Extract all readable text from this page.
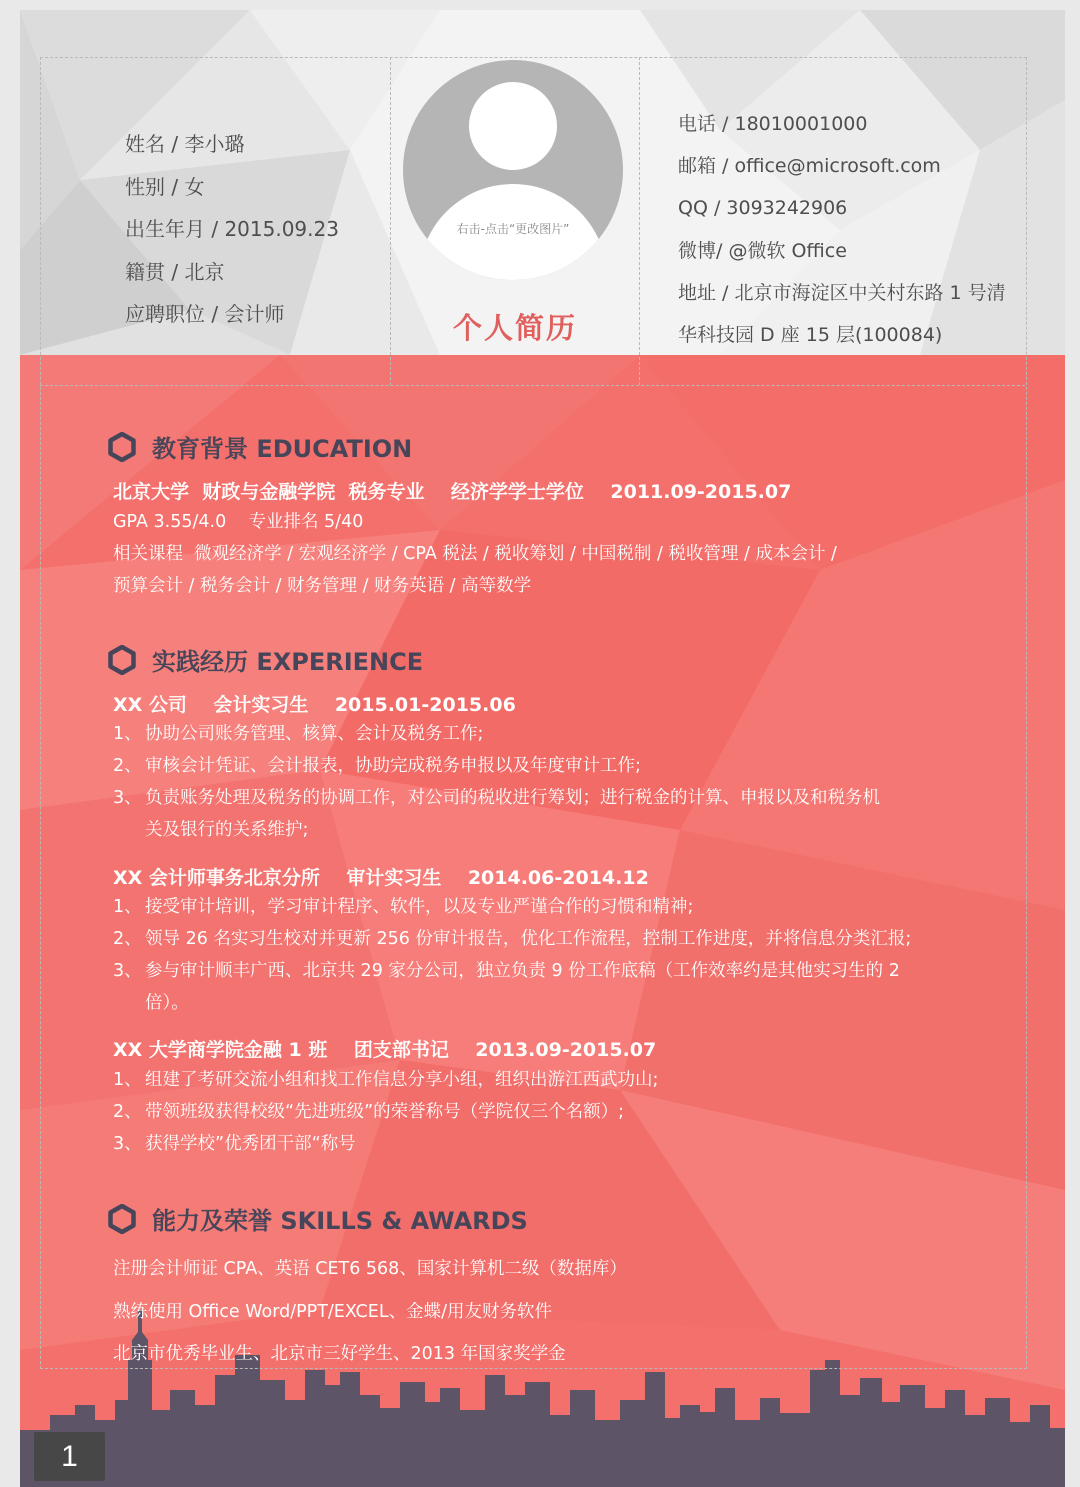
姓名 / 李小璐
性别 / 女
出生年月 / 2015.09.23
籍贯 / 北京
应聘职位 / 会计师
右击-点击“更改图片”
个人简历
电话 / 18010001000
邮箱 / office@microsoft.com
QQ / 3093242906
微博/ @微软 Office
地址 / 北京市海淀区中关村东路 1 号清
华科技园 D 座 15 层(100084)
教育背景 EDUCATION
北京大学  财政与金融学院  税务专业    经济学学士学位    2011.09-2015.07
GPA 3.55/4.0    专业排名 5/40
相关课程  微观经济学 / 宏观经济学 / CPA 税法 / 税收筹划 / 中国税制 / 税收管理 / 成本会计 /
预算会计 / 税务会计 / 财务管理 / 财务英语 / 高等数学
实践经历 EXPERIENCE
XX 公司    会计实习生    2015.01-2015.06
1、 协助公司账务管理、核算、会计及税务工作;
2、 审核会计凭证、会计报表，协助完成税务申报以及年度审计工作;
3、 负责账务处理及税务的协调工作，对公司的税收进行筹划；进行税金的计算、申报以及和税务机
关及银行的关系维护;
XX 会计师事务北京分所    审计实习生    2014.06-2014.12
1、 接受审计培训，学习审计程序、软件，以及专业严谨合作的习惯和精神;
2、 领导 26 名实习生校对并更新 256 份审计报告，优化工作流程，控制工作进度，并将信息分类汇报;
3、 参与审计顺丰广西、北京共 29 家分公司，独立负责 9 份工作底稿（工作效率约是其他实习生的 2
倍）。
XX 大学商学院金融 1 班    团支部书记    2013.09-2015.07
1、 组建了考研交流小组和找工作信息分享小组，组织出游江西武功山;
2、 带领班级获得校级“先进班级”的荣誉称号（学院仅三个名额）;
3、 获得学校”优秀团干部“称号
能力及荣誉 SKILLS & AWARDS
注册会计师证 CPA、英语 CET6 568、国家计算机二级（数据库）
熟练使用 Office Word/PPT/EXCEL、金蝶/用友财务软件
北京市优秀毕业生、北京市三好学生、2013 年国家奖学金
1
